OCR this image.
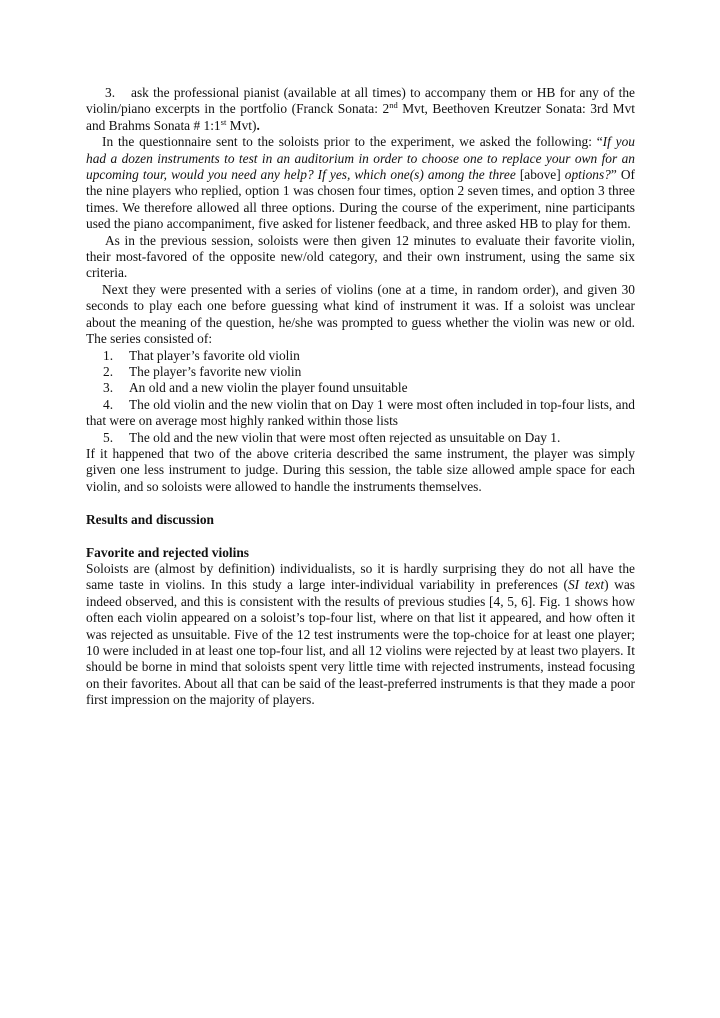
3. ask the professional pianist (available at all times) to accompany them or HB for any of the violin/piano excerpts in the portfolio (Franck Sonata: 2nd Mvt, Beethoven Kreutzer Sonata: 3rd Mvt and Brahms Sonata # 1:1st Mvt).

In the questionnaire sent to the soloists prior to the experiment, we asked the following: “If you had a dozen instruments to test in an auditorium in order to choose one to replace your own for an upcoming tour, would you need any help? If yes, which one(s) among the three [above] options?” Of the nine players who replied, option 1 was chosen four times, option 2 seven times, and option 3 three times. We therefore allowed all three options. During the course of the experiment, nine participants used the piano accompaniment, five asked for listener feedback, and three asked HB to play for them.

As in the previous session, soloists were then given 12 minutes to evaluate their favorite violin, their most-favored of the opposite new/old category, and their own instrument, using the same six criteria.

Next they were presented with a series of violins (one at a time, in random order), and given 30 seconds to play each one before guessing what kind of instrument it was. If a soloist was unclear about the meaning of the question, he/she was prompted to guess whether the violin was new or old. The series consisted of:

1. That player’s favorite old violin
2. The player’s favorite new violin
3. An old and a new violin the player found unsuitable
4. The old violin and the new violin that on Day 1 were most often included in top-four lists, and that were on average most highly ranked within those lists
5. The old and the new violin that were most often rejected as unsuitable on Day 1.

If it happened that two of the above criteria described the same instrument, the player was simply given one less instrument to judge. During this session, the table size allowed ample space for each violin, and so soloists were allowed to handle the instruments themselves.

Results and discussion

Favorite and rejected violins

Soloists are (almost by definition) individualists, so it is hardly surprising they do not all have the same taste in violins. In this study a large inter-individual variability in preferences (SI text) was indeed observed, and this is consistent with the results of previous studies [4, 5, 6]. Fig. 1 shows how often each violin appeared on a soloist’s top-four list, where on that list it appeared, and how often it was rejected as unsuitable. Five of the 12 test instruments were the top-choice for at least one player; 10 were included in at least one top-four list, and all 12 violins were rejected by at least two players. It should be borne in mind that soloists spent very little time with rejected instruments, instead focusing on their favorites. About all that can be said of the least-preferred instruments is that they made a poor first impression on the majority of players.
